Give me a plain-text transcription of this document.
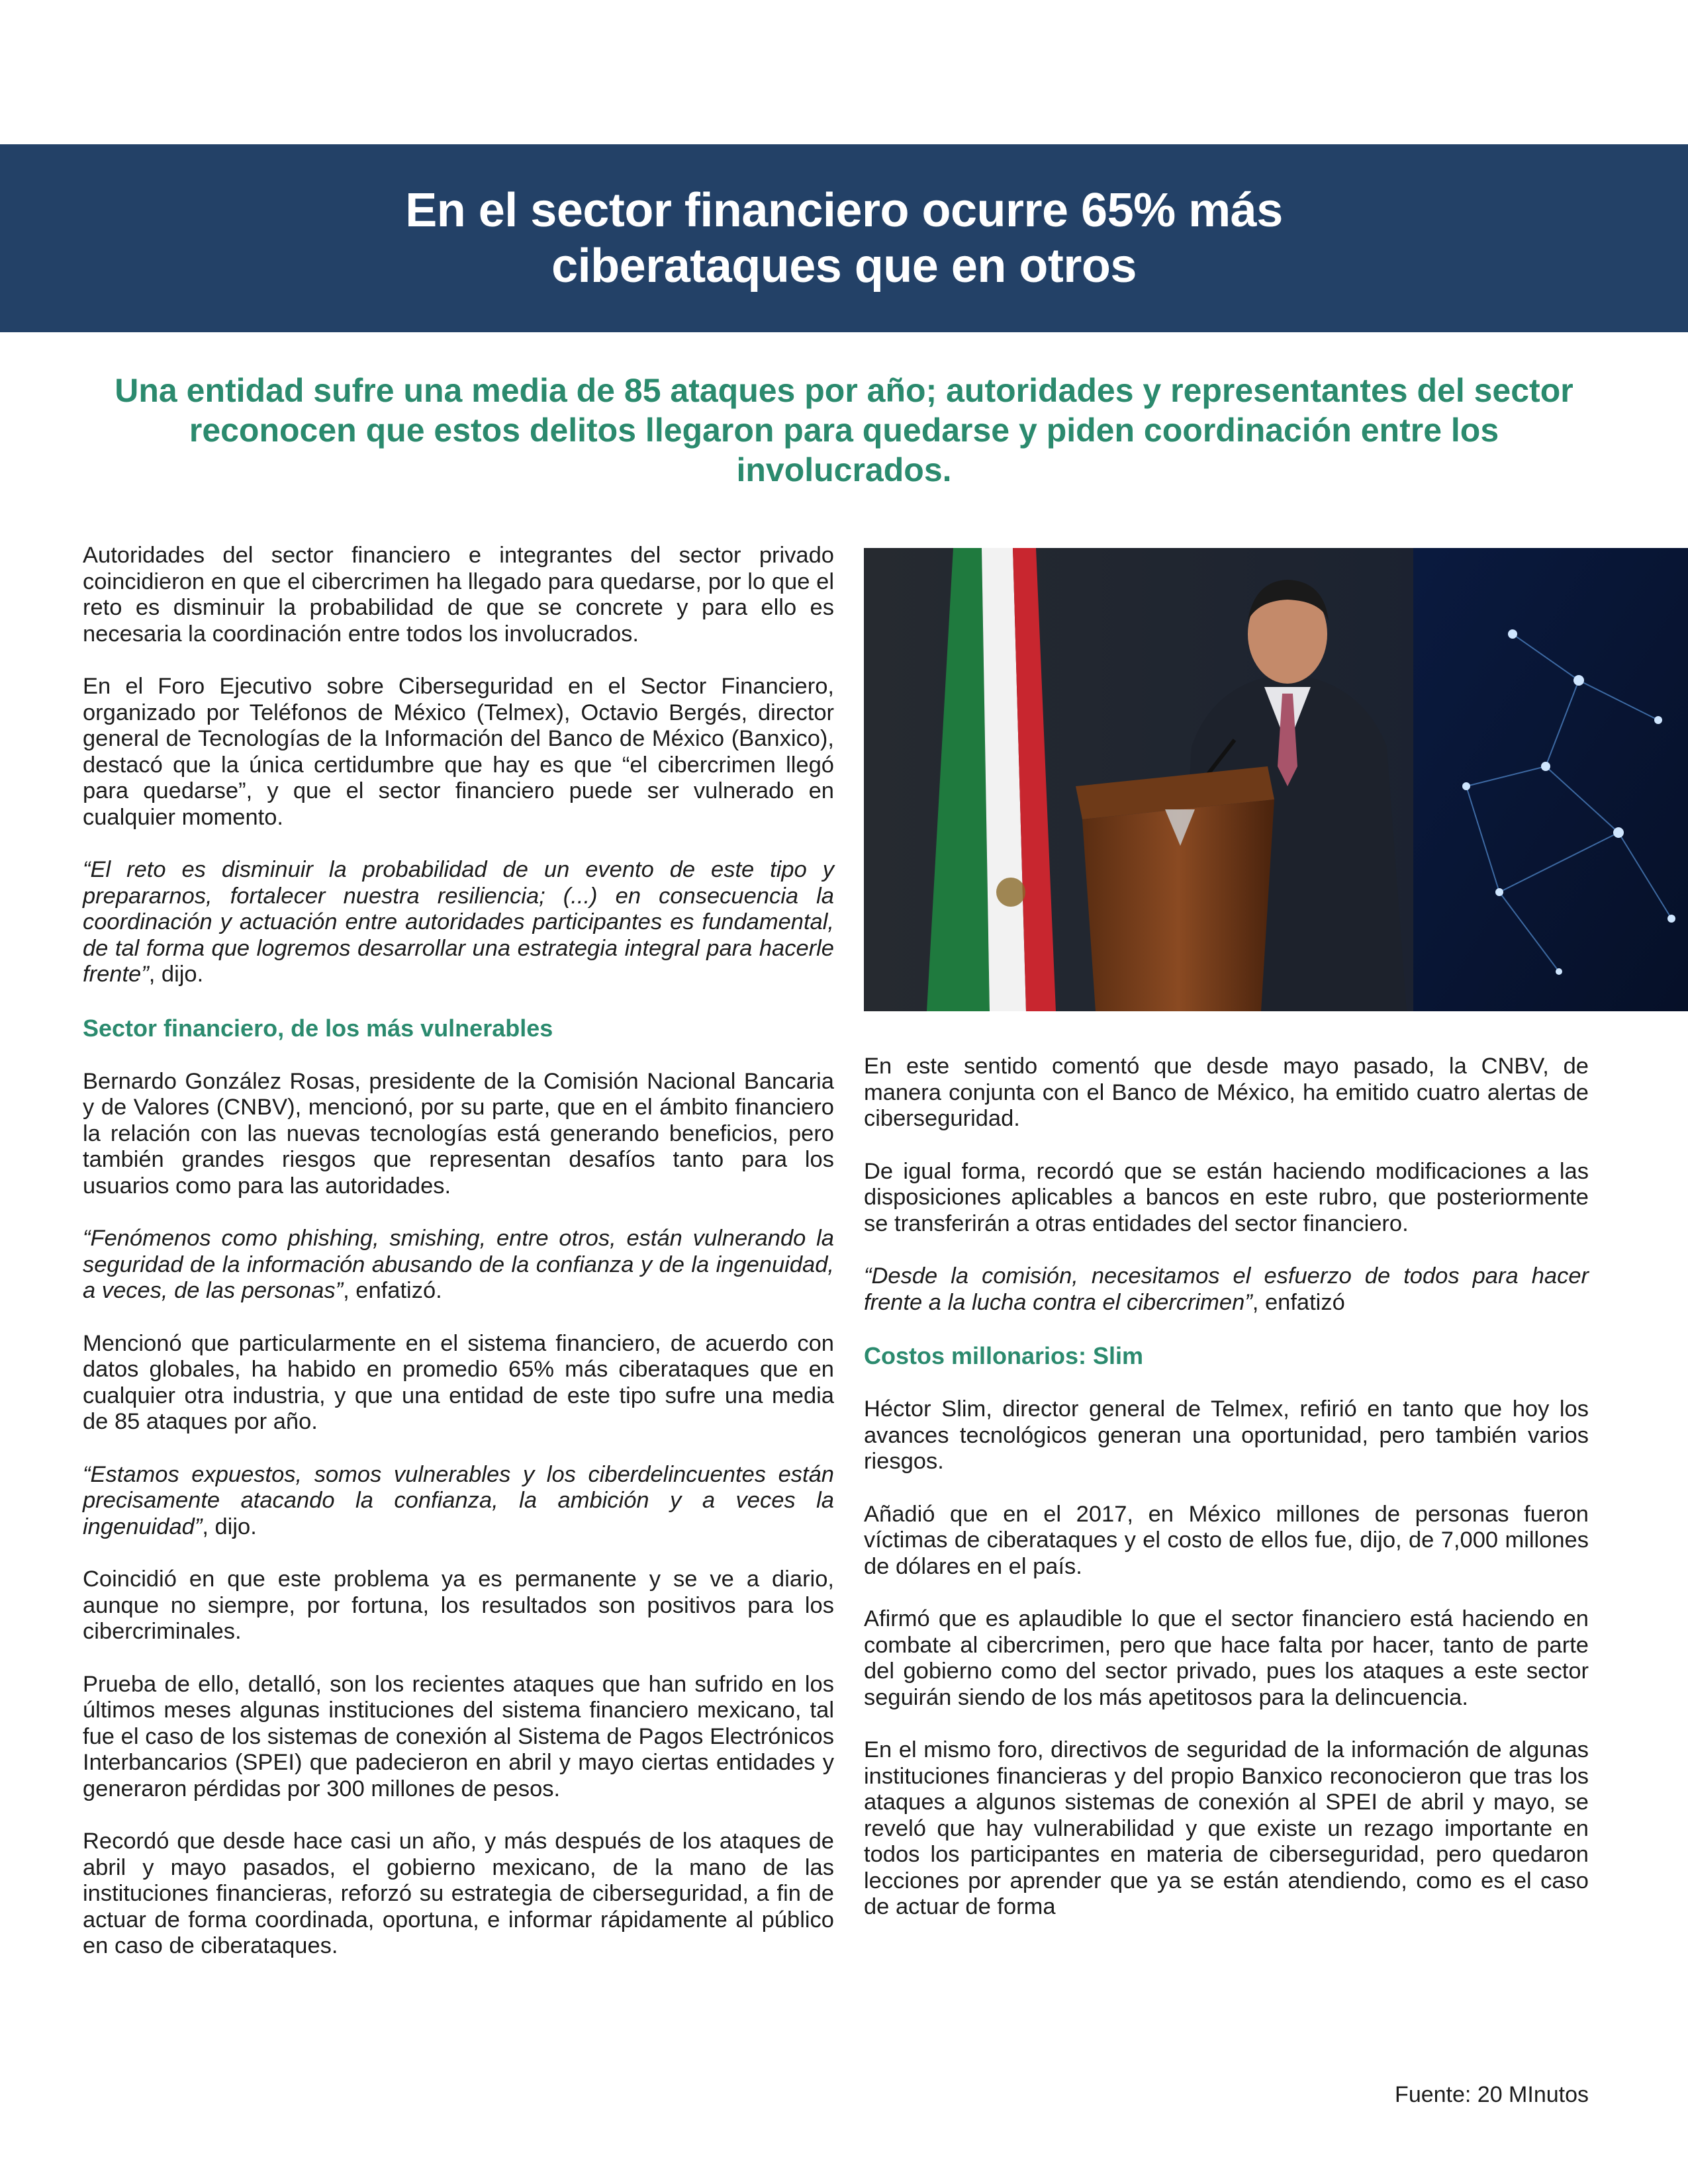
En el sector financiero ocurre 65% más
ciberataques que en otros
Una entidad sufre una media de 85 ataques por año; autoridades y representantes del sector reconocen que estos delitos llegaron para quedarse y piden coordinación entre los involucrados.

Autoridades del sector financiero e integrantes del sector privado coincidieron en que el cibercrimen ha llegado para quedarse, por lo que el reto es disminuir la probabilidad de que se concrete y para ello es necesaria la coordinación entre todos los involucrados.

En el Foro Ejecutivo sobre Ciberseguridad en el Sector Financiero, organizado por Teléfonos de México (Telmex), Octavio Bergés, director general de Tecnologías de la Información del Banco de México (Banxico), destacó que la única certidumbre que hay es que “el cibercrimen llegó para quedarse”, y que el sector financiero puede ser vulnerado en cualquier momento.

“El reto es disminuir la probabilidad de un evento de este tipo y prepararnos, fortalecer nuestra resiliencia; (...) en consecuencia la coordinación y actuación entre autoridades participantes es fundamental, de tal forma que logremos desarrollar una estrategia integral para hacerle frente”, dijo.

Sector financiero, de los más vulnerables

Bernardo González Rosas, presidente de la Comisión Nacional Bancaria y de Valores (CNBV), mencionó, por su parte, que en el ámbito financiero la relación con las nuevas tecnologías está generando beneficios, pero también grandes riesgos que representan desafíos tanto para los usuarios como para las autoridades.

“Fenómenos como phishing, smishing, entre otros, están vulnerando la seguridad de la información abusando de la confianza y de la ingenuidad, a veces, de las personas”, enfatizó.

Mencionó que particularmente en el sistema financiero, de acuerdo con datos globales, ha habido en promedio 65% más ciberataques que en cualquier otra industria, y que una entidad de este tipo sufre una media de 85 ataques por año.

“Estamos expuestos, somos vulnerables y los ciberdelincuentes están precisamente atacando la confianza, la ambición y a veces la ingenuidad”, dijo.

Coincidió en que este problema ya es permanente y se ve a diario, aunque no siempre, por fortuna, los resultados son positivos para los cibercriminales.

Prueba de ello, detalló, son los recientes ataques que han sufrido en los últimos meses algunas instituciones del sistema financiero mexicano, tal fue el caso de los sistemas de conexión al Sistema de Pagos Electrónicos Interbancarios (SPEI) que padecieron en abril y mayo ciertas entidades y generaron pérdidas por 300 millones de pesos.

Recordó que desde hace casi un año, y más después de los ataques de abril y mayo pasados, el gobierno mexicano, de la mano de las instituciones financieras, reforzó su estrategia de ciberseguridad, a fin de actuar de forma coordinada, oportuna, e informar rápidamente al público en caso de ciberataques.

En este sentido comentó que desde mayo pasado, la CNBV, de manera conjunta con el Banco de México, ha emitido cuatro alertas de ciberseguridad.

De igual forma, recordó que se están haciendo modificaciones a las disposiciones aplicables a bancos en este rubro, que posteriormente se transferirán a otras entidades del sector financiero.

“Desde la comisión, necesitamos el esfuerzo de todos para hacer frente a la lucha contra el cibercrimen”, enfatizó

Costos millonarios: Slim

Héctor Slim, director general de Telmex, refirió en tanto que hoy los avances tecnológicos generan una oportunidad, pero también varios riesgos.

Añadió que en el 2017, en México millones de personas fueron víctimas de ciberataques y el costo de ellos fue, dijo, de 7,000 millones de dólares en el país.

Afirmó que es aplaudible lo que el sector financiero está haciendo en combate al cibercrimen, pero que hace falta por hacer, tanto de parte del gobierno como del sector privado, pues los ataques a este sector seguirán siendo de los más apetitosos para la delincuencia.

En el mismo foro, directivos de seguridad de la información de algunas instituciones financieras y del propio Banxico reconocieron que tras los ataques a algunos sistemas de conexión al SPEI de abril y mayo, se reveló que hay vulnerabilidad y que existe un rezago importante en todos los participantes en materia de ciberseguridad, pero quedaron lecciones por aprender que ya se están atendiendo, como es el caso de actuar de forma

Fuente: 20 MInutos
